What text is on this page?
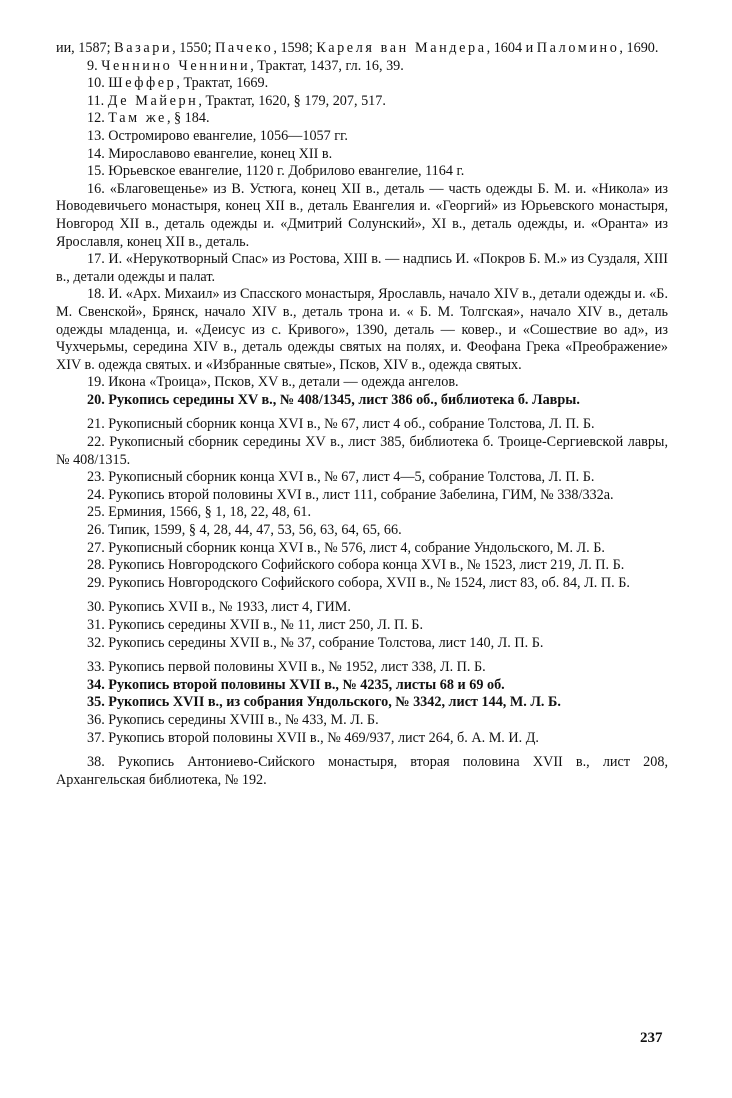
ии, 1587; Вазари, 1550; Пачеко, 1598; Кареля ван Мандера, 1604 и Паломино, 1690.

9. Ченнино Ченнини, Трактат, 1437, гл. 16, 39.

10. Шеффер, Трактат, 1669.

11. Де Майерн, Трактат, 1620, § 179, 207, 517.

12. Там же, § 184.

13. Остромирово евангелие, 1056—1057 гг.

14. Мирославово евангелие, конец XII в.

15. Юрьевское евангелие, 1120 г. Добрилово евангелие, 1164 г.

16. «Благовещенье» из В. Устюга, конец XII в., деталь — часть одежды Б. М. и. «Никола» из Новодевичьего монастыря, конец XII в., деталь Евангелия и. «Георгий» из Юрьевского монастыря, Новгород XII в., деталь одежды и. «Дмитрий Солунский», XI в., деталь одежды, и. «Оранта» из Ярославля, конец XII в., деталь.

17. И. «Нерукотворный Спас» из Ростова, XIII в. — надпись И. «Покров Б. М.» из Суздаля, XIII в., детали одежды и палат.

18. И. «Арх. Михаил» из Спасского монастыря, Ярославль, начало XIV в., детали одежды и. «Б. М. Свенской», Брянск, начало XIV в., деталь трона и. « Б. М. Толгская», начало XIV в., деталь одежды младенца, и. «Деисус из с. Кривого», 1390, деталь — ковер., и «Сошествие во ад», из Чухчерьмы, середина XIV в., деталь одежды святых на полях, и. Феофана Грека «Преображение» XIV в. одежда святых. и «Избранные святые», Псков, XIV в., одежда святых.

19. Икона «Троица», Псков, XV в., детали — одежда ангелов.

20. Рукопись середины XV в., № 408/1345, лист 386 об., библиотека б. Лавры.

21. Рукописный сборник конца XVI в., № 67, лист 4 об., собрание Толстова, Л. П. Б.

22. Рукописный сборник середины XV в., лист 385, библиотека б. Троице-Сергиевской лавры, № 408/1315.

23. Рукописный сборник конца XVI в., № 67, лист 4—5, собрание Толстова, Л. П. Б.

24. Рукопись второй половины XVI в., лист 111, собрание Забелина, ГИМ, № 338/332а.

25. Ерминия, 1566, § 1, 18, 22, 48, 61.

26. Типик, 1599, § 4, 28, 44, 47, 53, 56, 63, 64, 65, 66.

27. Рукописный сборник конца XVI в., № 576, лист 4, собрание Ундольского, М. Л. Б.

28. Рукопись Новгородского Софийского собора конца XVI в., № 1523, лист 219, Л. П. Б.

29. Рукопись Новгородского Софийского собора, XVII в., № 1524, лист 83, об. 84, Л. П. Б.

30. Рукопись XVII в., № 1933, лист 4, ГИМ.

31. Рукопись середины XVII в., № 11, лист 250, Л. П. Б.

32. Рукопись середины XVII в., № 37, собрание Толстова, лист 140, Л. П. Б.

33. Рукопись первой половины XVII в., № 1952, лист 338, Л. П. Б.

34. Рукопись второй половины XVII в., № 4235, листы 68 и 69 об.

35. Рукопись XVII в., из собрания Ундольского, № 3342, лист 144, М. Л. Б.

36. Рукопись середины XVIII в., № 433, М. Л. Б.

37. Рукопись второй половины XVII в., № 469/937, лист 264, б. А. М. И. Д.

38. Рукопись Антониево-Сийского монастыря, вторая половина XVII в., лист 208, Архангельская библиотека, № 192.

237
